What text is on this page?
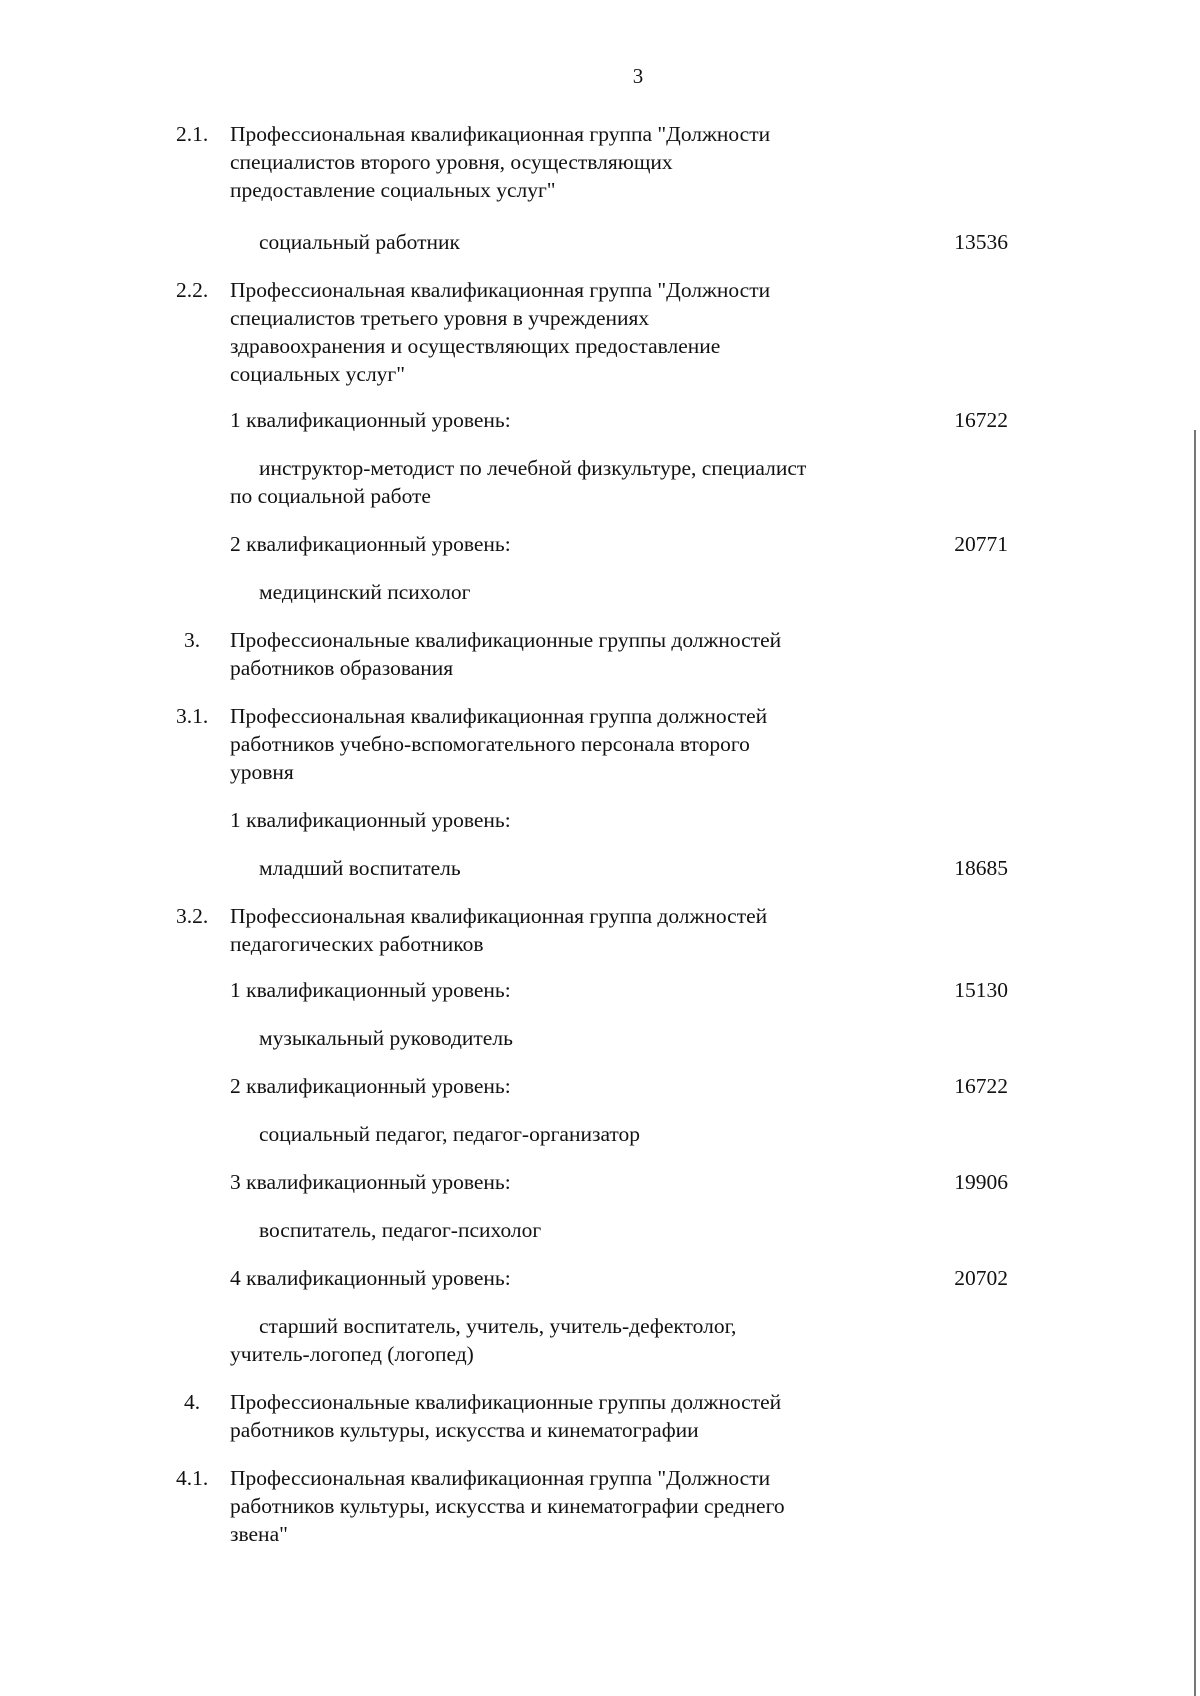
3
2.1. Профессиональная квалификационная группа "Должности
специалистов второго уровня, осуществляющих
предоставление социальных услуг"
социальный работник	13536
2.2. Профессиональная квалификационная группа "Должности
специалистов третьего уровня в учреждениях
здравоохранения и осуществляющих предоставление
социальных услуг"
1 квалификационный уровень:	16722
инструктор-методист по лечебной физкультуре, специалист
по социальной работе
2 квалификационный уровень:	20771
медицинский психолог
3. Профессиональные квалификационные группы должностей
работников образования
3.1. Профессиональная квалификационная группа должностей
работников учебно-вспомогательного персонала второго
уровня
1 квалификационный уровень:
младший воспитатель	18685
3.2. Профессиональная квалификационная группа должностей
педагогических работников
1 квалификационный уровень:	15130
музыкальный руководитель
2 квалификационный уровень:	16722
социальный педагог, педагог-организатор
3 квалификационный уровень:	19906
воспитатель, педагог-психолог
4 квалификационный уровень:	20702
старший воспитатель, учитель, учитель-дефектолог,
учитель-логопед (логопед)
4. Профессиональные квалификационные группы должностей
работников культуры, искусства и кинематографии
4.1. Профессиональная квалификационная группа "Должности
работников культуры, искусства и кинематографии среднего
звена"
